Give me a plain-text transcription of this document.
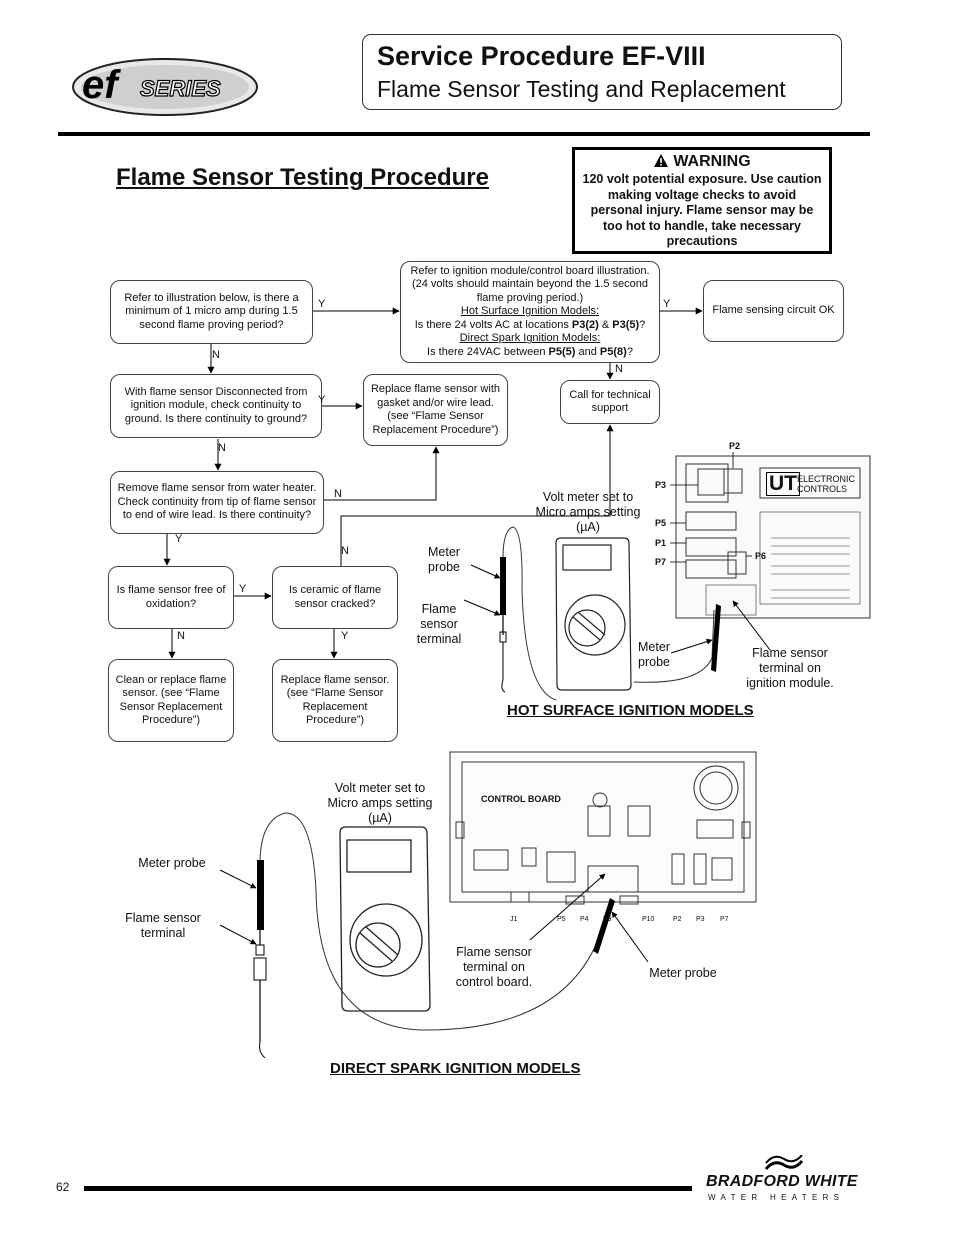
ef SERIES
Service Procedure EF-VIII
Flame Sensor Testing and Replacement
Flame Sensor Testing Procedure
WARNING
120 volt potential exposure. Use caution making voltage checks to avoid personal injury. Flame sensor may be too hot to handle, take necessary precautions
Refer to illustration below, is there a minimum of 1 micro amp during 1.5 second flame proving period?
Refer to ignition module/control board illustration.(24 volts should maintain beyond the 1.5 second flame proving period.)
Hot Surface Ignition Models:
Is there 24 volts AC at locations P3(2) & P3(5)?
Direct Spark Ignition Models:
Is there 24VAC between P5(5) and P5(8)?
Flame sensing circuit OK
With flame sensor Disconnected from ignition module, check continuity to ground. Is there continuity to ground?
Replace flame sensor with gasket and/or wire lead. (see “Flame Sensor Replacement Procedure”)
Call for technical support
Remove flame sensor from water heater. Check continuity from tip of flame sensor to end of wire lead. Is there continuity?
Is flame sensor free of oxidation?
Is ceramic of flame sensor cracked?
Clean or replace flame sensor. (see “Flame Sensor Replacement Procedure”)
Replace flame sensor. (see “Flame Sensor Replacement Procedure”)
Y	Y
N
N
Y
N
N
Y
N
Y
N	Y
UT ELECTRONIC CONTROLS
P2
P3
P5
P1
P7
P6
Volt meter set to Micro amps setting (µA)
Meter probe
Flame sensor terminal
Meter probe
Flame sensor terminal on ignition module.
HOT SURFACE IGNITION MODELS
CONTROL BOARD
J1	P5 P4 P9	P10	P2 P3 P7
Volt meter set to Micro amps setting (µA)
Meter probe
Flame sensor terminal
Flame sensor terminal on control board.
Meter probe
DIRECT SPARK IGNITION MODELS
62	BRADFORD WHITE
WATER HEATERS
